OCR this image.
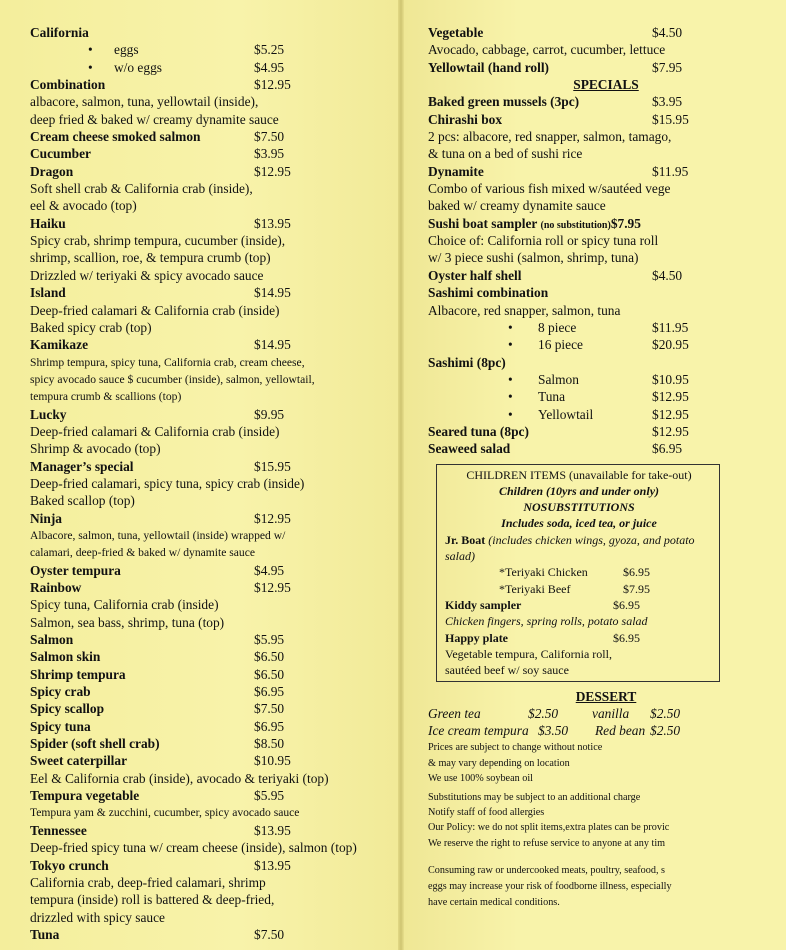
California
• eggs	$5.25
• w/o eggs	$4.95
Combination	$12.95
albacore, salmon, tuna, yellowtail (inside),
deep fried & baked w/ creamy dynamite sauce
Cream cheese smoked salmon	$7.50
Cucumber	$3.95
Dragon	$12.95
Soft shell crab & California crab (inside),
eel & avocado (top)
Haiku	$13.95
Spicy crab, shrimp tempura, cucumber (inside),
shrimp, scallion, roe, & tempura crumb (top)
Drizzled w/ teriyaki & spicy avocado sauce
Island	$14.95
Deep-fried calamari & California crab (inside)
Baked spicy crab (top)
Kamikaze	$14.95
Shrimp tempura, spicy tuna, California crab, cream cheese,
spicy avocado sauce $ cucumber (inside), salmon, yellowtail,
tempura crumb & scallions (top)
Lucky	$9.95
Deep-fried calamari & California crab (inside)
Shrimp & avocado (top)
Manager’s special	$15.95
Deep-fried calamari, spicy tuna, spicy crab (inside)
Baked scallop (top)
Ninja	$12.95
Albacore, salmon, tuna, yellowtail (inside) wrapped w/
calamari, deep-fried & baked w/ dynamite sauce
Oyster tempura	$4.95
Rainbow	$12.95
Spicy tuna, California crab (inside)
Salmon, sea bass, shrimp, tuna (top)
Salmon	$5.95
Salmon skin	$6.50
Shrimp tempura	$6.50
Spicy crab	$6.95
Spicy scallop	$7.50
Spicy tuna	$6.95
Spider (soft shell crab)	$8.50
Sweet caterpillar	$10.95
Eel & California crab (inside), avocado & teriyaki (top)
Tempura vegetable	$5.95
Tempura yam & zucchini, cucumber, spicy avocado sauce
Tennessee	$13.95
Deep-fried spicy tuna w/ cream cheese (inside), salmon (top)
Tokyo crunch	$13.95
California crab, deep-fried calamari, shrimp
tempura (inside) roll is battered & deep-fried,
drizzled with spicy sauce
Tuna	$7.50
Vegetable	$4.50
Avocado, cabbage, carrot, cucumber, lettuce
Yellowtail (hand roll)	$7.95
SPECIALS
Baked green mussels (3pc)	$3.95
Chirashi box	$15.95
2 pcs: albacore, red snapper, salmon, tamago,
& tuna on a bed of sushi rice
Dynamite	$11.95
Combo of various fish mixed w/sautéed vege
baked w/ creamy dynamite sauce
Sushi boat sampler (no substitution)$7.95
Choice of: California roll or spicy tuna roll
w/ 3 piece sushi (salmon, shrimp, tuna)
Oyster half shell	$4.50
Sashimi combination
Albacore, red snapper, salmon, tuna
• 8 piece	$11.95
• 16 piece	$20.95
Sashimi (8pc)
• Salmon	$10.95
• Tuna	$12.95
• Yellowtail	$12.95
Seared tuna (8pc)	$12.95
Seaweed salad	$6.95
CHILDREN ITEMS (unavailable for take-out)
Children (10yrs and under only)
NOSUBSTITUTIONS
Includes soda, iced tea, or juice
Jr. Boat (includes chicken wings, gyoza, and potato
salad)
*Teriyaki Chicken	$6.95
*Teriyaki Beef	$7.95
Kiddy sampler	$6.95
Chicken fingers, spring rolls, potato salad
Happy plate	$6.95
Vegetable tempura, California roll,
sautéed beef w/ soy sauce
DESSERT
Green tea	$2.50	vanilla $2.50
Ice cream tempura $3.50 Red bean $2.50
Prices are subject to change without notice
& may vary depending on location
We use 100% soybean oil
Substitutions may be subject to an additional charge
Notify staff of food allergies
Our Policy: we do not split items,extra plates can be provic
We reserve the right to refuse service to anyone at any tim
Consuming raw or undercooked meats, poultry, seafood, s
eggs may increase your risk of foodborne illness, especially
have certain medical conditions.
